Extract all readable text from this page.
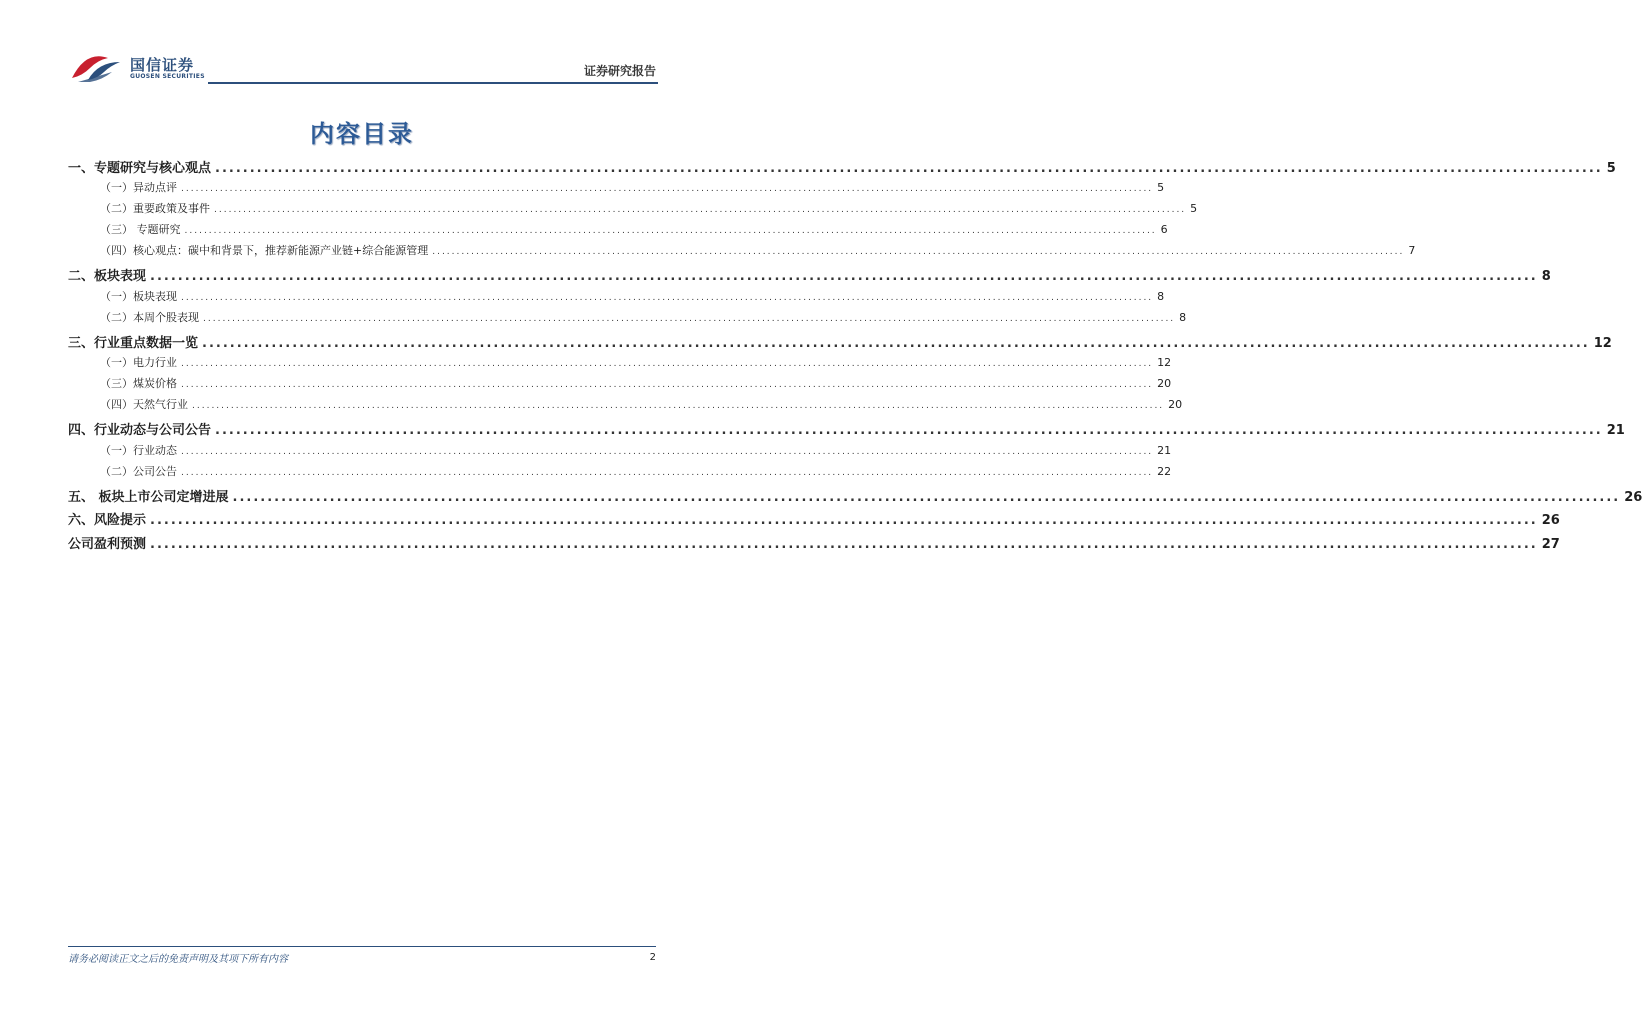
国信证券
GUOSEN SECURITIES	证券研究报告
内容目录
一、专题研究与核心观点 ........................................................................................................................................................................................................ 5
（一）异动点评 ........................................................................................................................................................................................................ 5
（二）重要政策及事件 ........................................................................................................................................................................................................ 5
（三） 专题研究 ........................................................................................................................................................................................................ 6
（四）核心观点：碳中和背景下，推荐新能源产业链+综合能源管理 ........................................................................................................................................................................................................ 7
二、板块表现 ........................................................................................................................................................................................................ 8
（一）板块表现 ........................................................................................................................................................................................................ 8
（二）本周个股表现 ........................................................................................................................................................................................................ 8
三、行业重点数据一览 ........................................................................................................................................................................................................ 12
（一）电力行业 ........................................................................................................................................................................................................ 12
（三）煤炭价格 ........................................................................................................................................................................................................ 20
（四）天然气行业 ........................................................................................................................................................................................................ 20
四、行业动态与公司公告 ........................................................................................................................................................................................................ 21
（一）行业动态 ........................................................................................................................................................................................................ 21
（二）公司公告 ........................................................................................................................................................................................................ 22
五、 板块上市公司定增进展 ........................................................................................................................................................................................................ 26
六、风险提示 ........................................................................................................................................................................................................ 26
公司盈利预测 ........................................................................................................................................................................................................ 27
请务必阅读正文之后的免责声明及其项下所有内容	2
